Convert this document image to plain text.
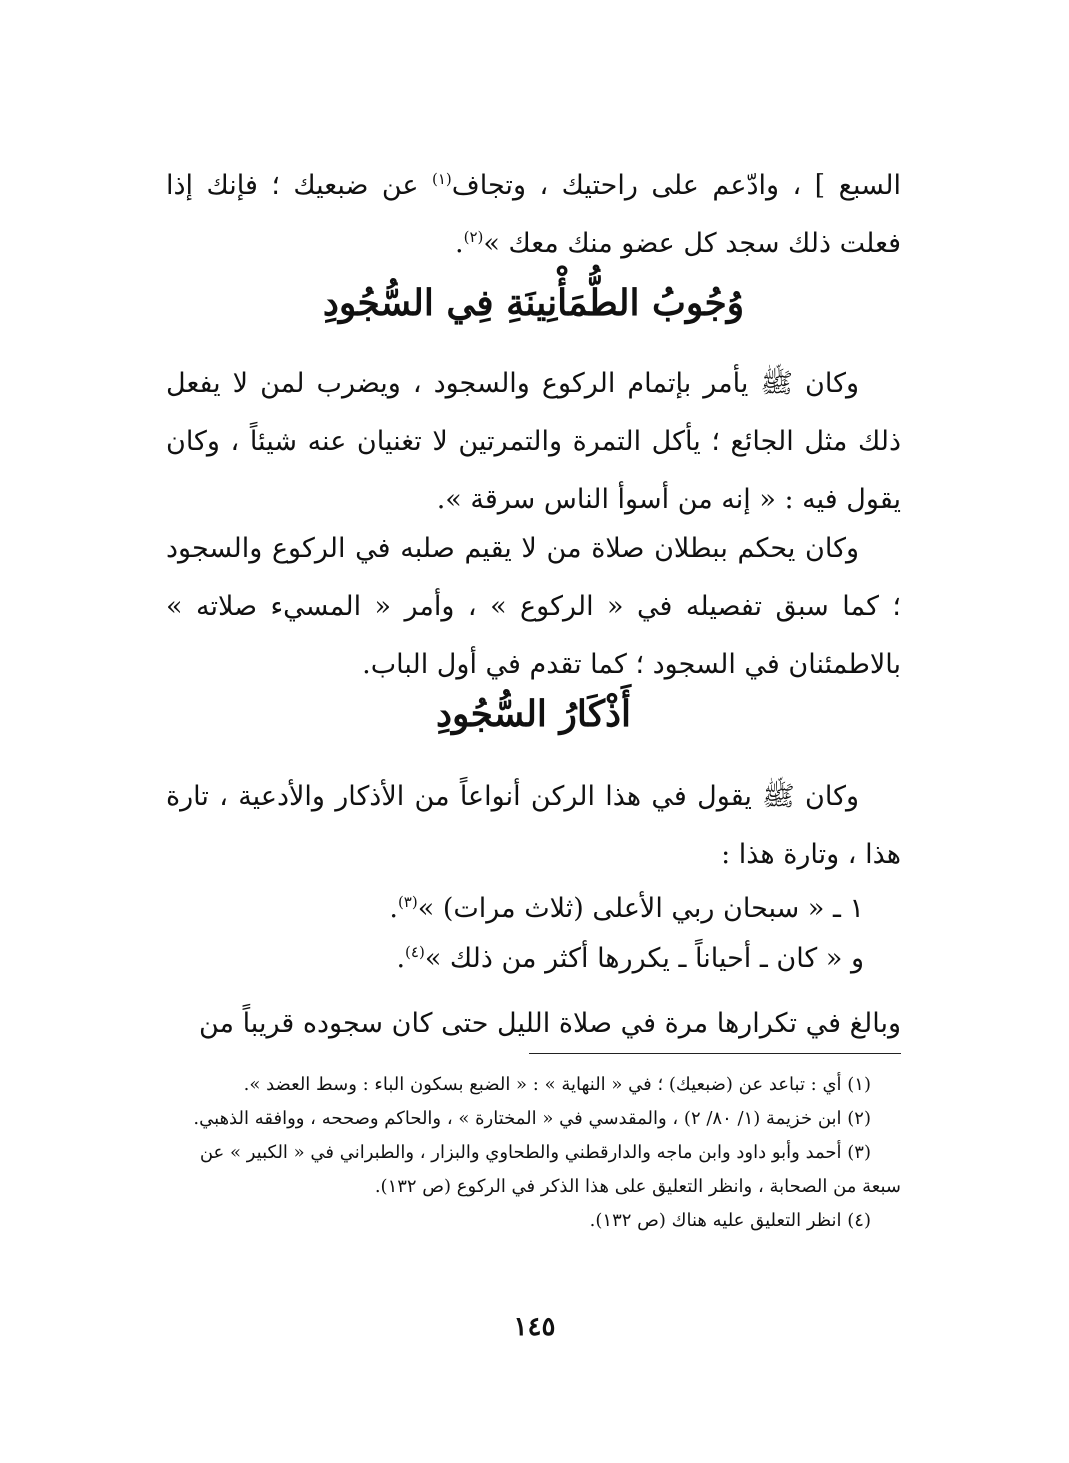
السبع ] ، وادّعم على راحتيك ، وتجاف$^{(١)}$ عن ضبعيك ؛ فإنك إذا فعلت ذلك سجد كل عضو منك معك »$^{(٢)}$.

وُجُوبُ الطُّمَأْنِينَةِ فِي السُّجُودِ

وكان ﷺ يأمر بإتمام الركوع والسجود ، ويضرب لمن لا يفعل ذلك مثل الجائع ؛ يأكل التمرة والتمرتين لا تغنيان عنه شيئاً ، وكان يقول فيه : « إنه من أسوأ الناس سرقة ».

وكان يحكم ببطلان صلاة من لا يقيم صلبه في الركوع والسجود ؛ كما سبق تفصيله في « الركوع » ، وأمر « المسيء صلاته » بالاطمئنان في السجود ؛ كما تقدم في أول الباب.

أَذْكَارُ السُّجُودِ

وكان ﷺ يقول في هذا الركن أنواعاً من الأذكار والأدعية ، تارة هذا ، وتارة هذا :

١ ـ « سبحان ربي الأعلى (ثلاث مرات) »$^{(٣)}$.

و « كان ـ أحياناً ـ يكررها أكثر من ذلك »$^{(٤)}$.

وبالغ في تكرارها مرة في صلاة الليل حتى كان سجوده قريباً من

(١) أي : تباعد عن (ضبعيك) ؛ في « النهاية » : « الضبع بسكون الباء : وسط العضد ».

(٢) ابن خزيمة (١/ ٨٠/ ٢) ، والمقدسي في « المختارة » ، والحاكم وصححه ، ووافقه الذهبي.

(٣) أحمد وأبو داود وابن ماجه والدارقطني والطحاوي والبزار ، والطبراني في « الكبير » عن سبعة من الصحابة ، وانظر التعليق على هذا الذكر في الركوع (ص ١٣٢).

(٤) انظر التعليق عليه هناك (ص ١٣٢).

١٤٥
